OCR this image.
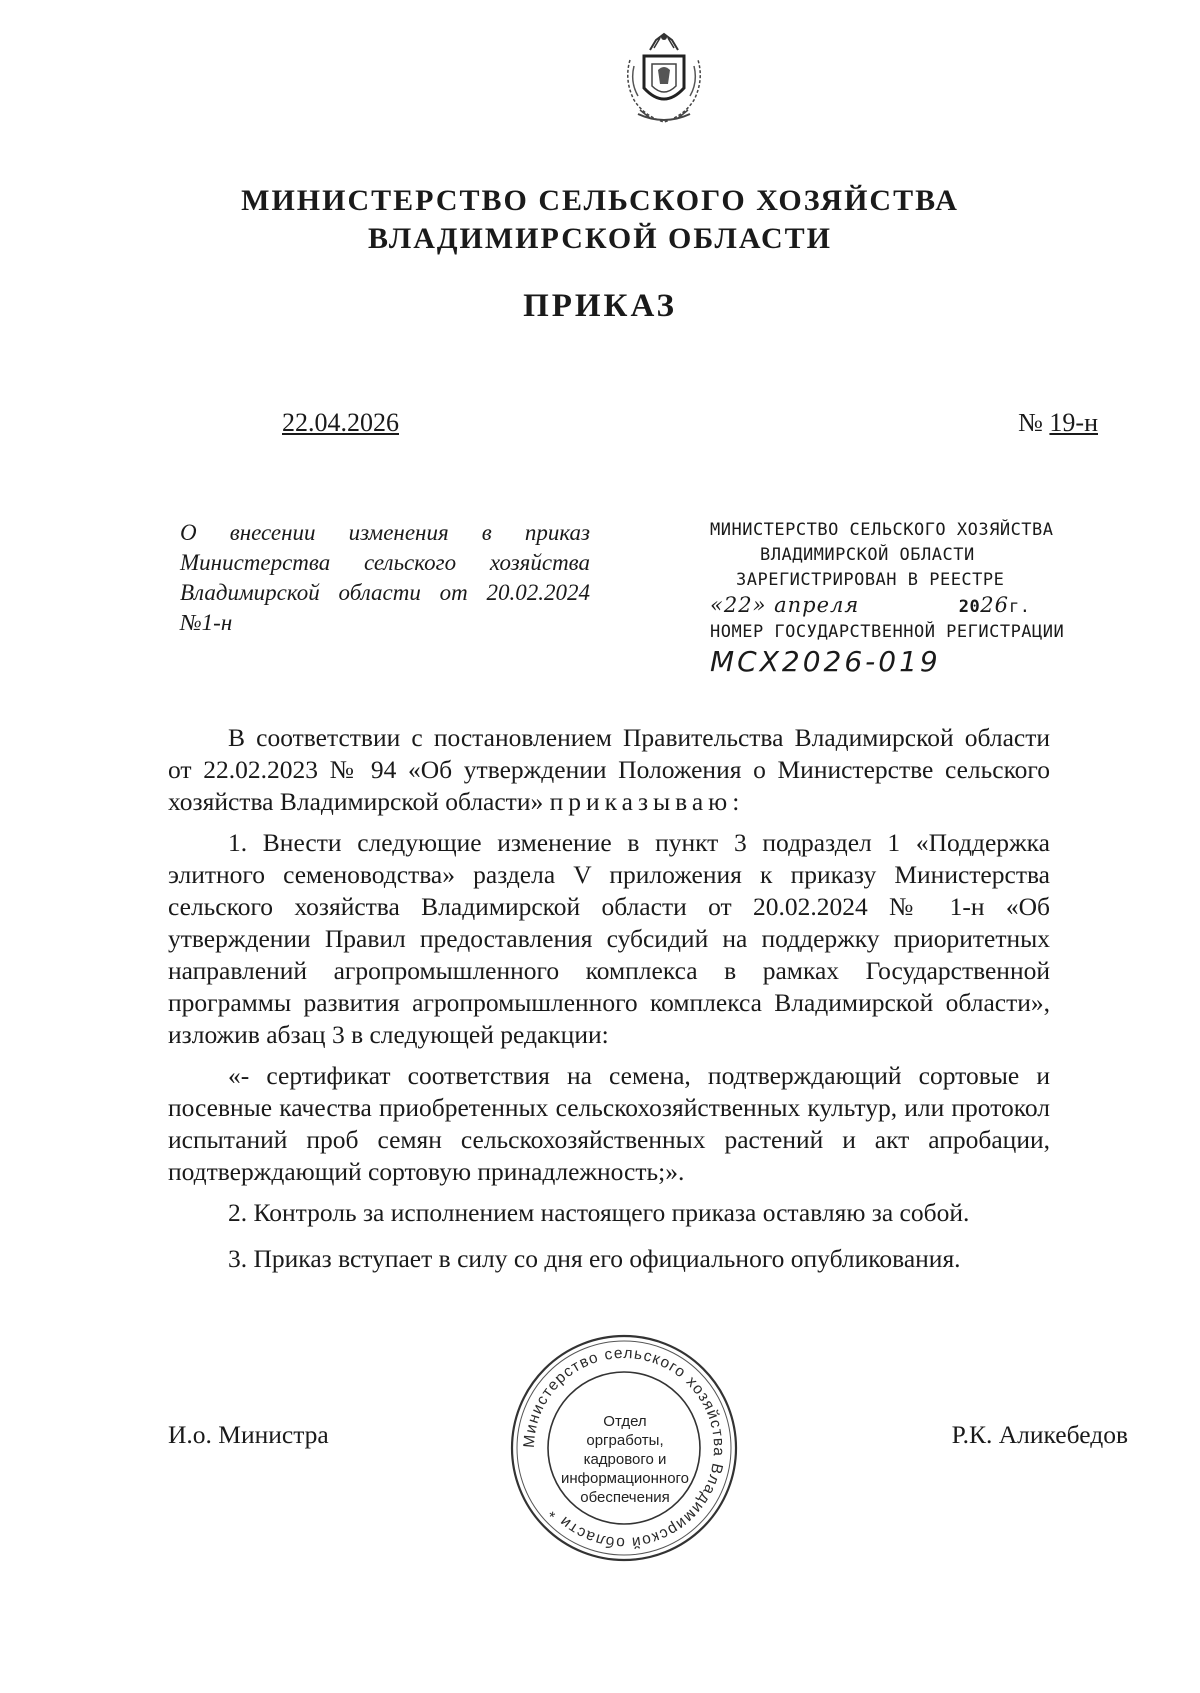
МИНИСТЕРСТВО СЕЛЬСКОГО ХОЗЯЙСТВА
ВЛАДИМИРСКОЙ ОБЛАСТИ
ПРИКАЗ
22.04.2026	№ 19-н
О внесении изменения в приказ Министерства сельского хозяйства Владимирской области от 20.02.2024 №1-н
МИНИСТЕРСТВО СЕЛЬСКОГО ХОЗЯЙСТВА
ВЛАДИМИРСКОЙ ОБЛАСТИ
ЗАРЕГИСТРИРОВАН В РЕЕСТРЕ
«22» апреля	2026г.
НОМЕР ГОСУДАРСТВЕННОЙ РЕГИСТРАЦИИ
МСХ2026-019

В соответствии с постановлением Правительства Владимирской области от 22.02.2023 № 94 «Об утверждении Положения о Министерстве сельского хозяйства Владимирской области» приказываю:

1. Внести следующие изменение в пункт 3 подраздел 1 «Поддержка элитного семеноводства» раздела V приложения к приказу Министерства сельского хозяйства Владимирской области от 20.02.2024 № 1-н «Об утверждении Правил предоставления субсидий на поддержку приоритетных направлений агропромышленного комплекса в рамках Государственной программы развития агропромышленного комплекса Владимирской области», изложив абзац 3 в следующей редакции:

«- сертификат соответствия на семена, подтверждающий сортовые и посевные качества приобретенных сельскохозяйственных культур, или протокол испытаний проб семян сельскохозяйственных растений и акт апробации, подтверждающий сортовую принадлежность;».

2. Контроль за исполнением настоящего приказа оставляю за собой.

3. Приказ вступает в силу со дня его официального опубликования.

И.о. Министра	Р.К. Аликебедов
Министерство сельского хозяйства Владимирской области *
Отдел
оргработы,
кадрового и
информационного
обеспечения
